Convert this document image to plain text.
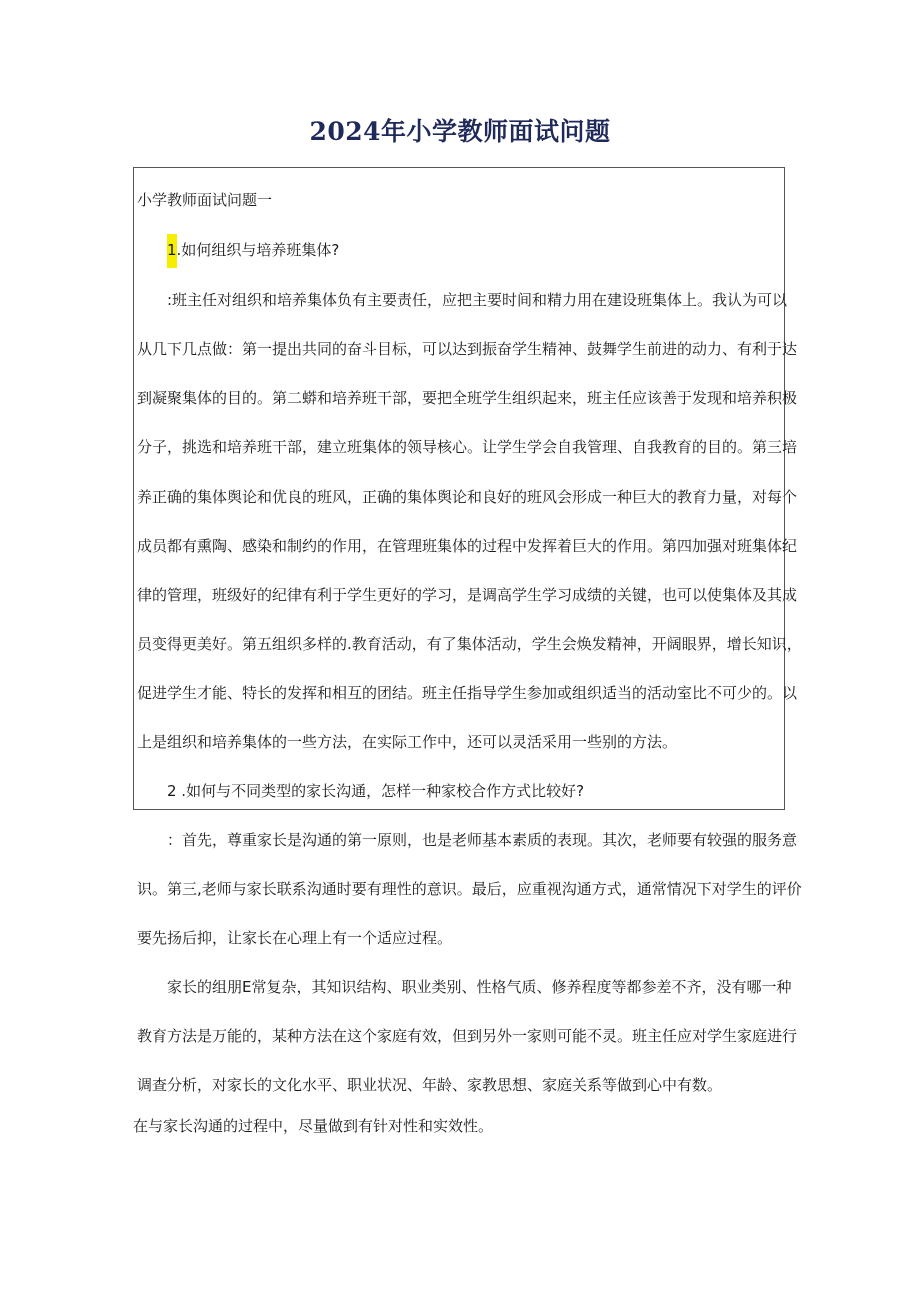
2024年小学教师面试问题

小学教师面试问题一

1.如何组织与培养班集体?

:班主任对组织和培养集体负有主要责任，应把主要时间和精力用在建设班集体上。我认为可以

从几下几点做：第一提出共同的奋斗目标，可以达到振奋学生精神、鼓舞学生前进的动力、有利于达

到凝聚集体的目的。第二蟒和培养班干部，要把全班学生组织起来，班主任应该善于发现和培养积极

分子，挑选和培养班干部，建立班集体的领导核心。让学生学会自我管理、自我教育的目的。第三培

养正确的集体舆论和优良的班风，正确的集体舆论和良好的班风会形成一种巨大的教育力量，对每个

成员都有熏陶、感染和制约的作用，在管理班集体的过程中发挥着巨大的作用。第四加强对班集体纪

律的管理，班级好的纪律有利于学生更好的学习，是调高学生学习成绩的关键，也可以使集体及其成

员变得更美好。第五组织多样的.教育活动，有了集体活动，学生会焕发精神，开阔眼界，增长知识，

促进学生才能、特长的发挥和相互的团结。班主任指导学生参加或组织适当的活动室比不可少的。以

上是组织和培养集体的一些方法，在实际工作中，还可以灵活采用一些别的方法。

2 .如何与不同类型的家长沟通，怎样一种家校合作方式比较好?

：首先，尊重家长是沟通的第一原则，也是老师基本素质的表现。其次，老师要有较强的服务意

识。第三,老师与家长联系沟通时要有理性的意识。最后，应重视沟通方式，通常情况下对学生的评价

要先扬后抑，让家长在心理上有一个适应过程。

家长的组朋E常复杂，其知识结构、职业类别、性格气质、修养程度等都参差不齐，没有哪一种

教育方法是万能的，某种方法在这个家庭有效，但到另外一家则可能不灵。班主任应对学生家庭进行

调查分析，对家长的文化水平、职业状况、年龄、家教思想、家庭关系等做到心中有数。

在与家长沟通的过程中，尽量做到有针对性和实效性。
